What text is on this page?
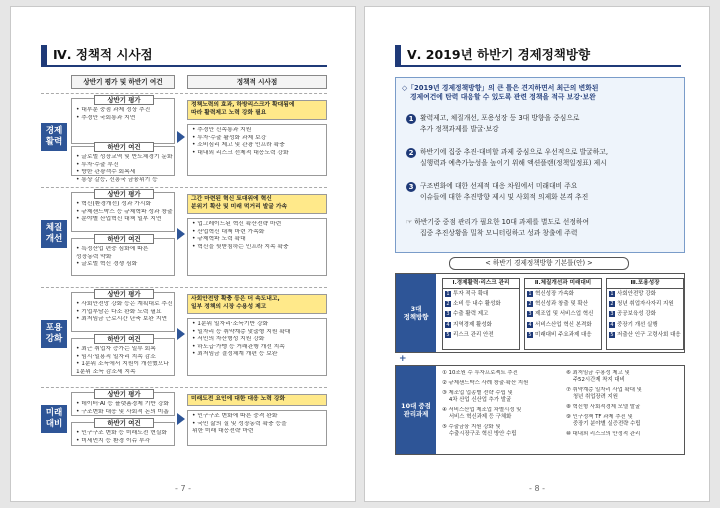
Ⅳ. 정책적 시사점
상반기 평가 및 하반기 여건	정책적 시사점
경제
활력
상반기 평가
• 대부분 중점 과제 정상 추진
• 추경안 국회통과 지연
하반기 여건
• 글로벌 성장교역 및 반도체경기 둔화
• 투자·수출 부진
• 방한 관광객수 회복세
• 통상 갈등, 신흥국 금융위기 등
정책노력의 효과, 하방리스크가 확대됨에
따라 활력제고 노력 강화 필요
• 추경안 신속통과 지원
• 투자·수출 활성화 과제 보강
• 소비심리 제고 및 관광 인프라 확충
• 대내외 리스크 선제적 대응노력 강화
체질
개선
상반기 평가
• 혁신(환경개선) 성과 가시화
• 규제샌드박스 등 규제혁파 성과 창출
• 분야별 산업혁신 대책 일부 지연
하반기 여건
• 특정산업 편중 심화에 따른
성장동력 약화
• 글로벌 혁신 경쟁 심화
그간 마련된 혁신 토대위에 혁신
분위기 확산 및 미래 먹거리 발굴 가속
• 업그레이드된 혁신 확산전략 마련
• 산업혁신 대책 마련 가속화
• 규제혁파 노력 확대
• 혁신을 뒷받침하는 인프라 지속 확충
포용
강화
상반기 평가
• 사회안전망 강화 등은 계획대로 추진
• 기업부담은 다소 완화 노력 필요
• 최저임금 근로시간 단축 보완 지연
하반기 여건
• 최근 취업자 증가는 일부 회복
• 임시·일용직 일자리 지속 감소
• 1분위 소득에서 지원이 개선했으나
1분위 소득 감소세 지속
사회안전망 확충 등은 더 속도내고,
일부 정책의 시장 수용성 제고
• 1분위 일자리·소득기반 강화
• 일자리 등 취약계층 맞춤형 지원 확대
• 서민의 자산형성 지원 강화
• 하도급·가맹 등 거래관행 개선 지속
• 최저임금 결정체계 개편 등 보완
미래
대비
상반기 평가
• 데이터·AI 등 플랫폼경제 기반 강화
• 구조변화 대응 및 사회적 논의 미흡
하반기 여건
• 인구구조 변화 등 미래도전 현실화
• 미세먼지 등 환경 이슈 부각
미래도전 요인에 대한 대응 노력 강화
• 인구구조 변화에 따른 중격 완화
• 국민 삶의 질 및 성장동력 확충 등을
위한 미래 대응전략 마련
- 7 -
Ⅴ. 2019년 하반기 경제정책방향
◇「2019년 경제정책방향」의 큰 틀은 견지하면서 최근의 변화된
경제여건에 탄력 대응할 수 있도록 관련 정책을 적극 보강·보완
1 활력제고, 체질개선, 포용성장 등 3대 방향을 중심으로
추가 정책과제를 발굴·보강
2 하반기에 집중 추진·대비할 과제 중심으로 우선적으로 발굴하고,
실행력과 예측가능성을 높이기 위해 액션플랜(정책일정표) 제시
3 구조변화에 대한 선제적 대응 차원에서 미래대비 주요
이슈들에 대한 추진방향 제시 및 사회적 의제화 본격 추진
☞ 하반기중 중점 관리가 필요한 10대 과제를 별도로 선정하여
집중 추진상황을 밀착 모니터링하고 성과 창출에 주력
< 하반기 경제정책방향 기본틀(안) >
3대
정책방향
Ⅰ.경제활력·리스크 관리
1 투자 적극 확대
2 소비 등 내수 활성화
3 수출 활력 제고
4 지역경제 활성화
5 리스크 관리 안전
Ⅱ.체질개선과 미래대비
1 혁신성장 가속화
2 혁신성과 창출 및 확산
3 제조업 및 서비스업 혁신
4 서비스산업 혁신 본격화
5 미래대비 주요과제 대응
Ⅲ.포용성장
1 사회안전망 강화
2 청년 취업자사자리 지원
3 공공보육성 강화
4 중장기 개선 실행
5 저출산 인구 고령사회 대응
+
10대 중점
관리과제
① 10조원 수 투자프로젝트 추진
② 규제샌드박스 사례 창출·확산 지원
③ 제조업 업종별 전략 수립 및
4차 산업 신산업 추가 발굴
④ 서비스산업 제조업 차별시정 및
서비스 혁신과제 등 구체화
⑤ 수출금융 지원 강화 및
수출시장구조 혁신 방안 수립
⑥ 최저임금 수용성 제고 및
주52시간제 착지 대비
⑦ 취약계층 일자리 사업 확대 및
청년 취업장려 지원
⑧ 혁신형 사회적경제 모델 발굴
⑨ 인구정책 TF 과제 추진 및
중장기 분야별 실증전략 수립
⑩ 대내외 리스크의 안정적 관리
- 8 -
